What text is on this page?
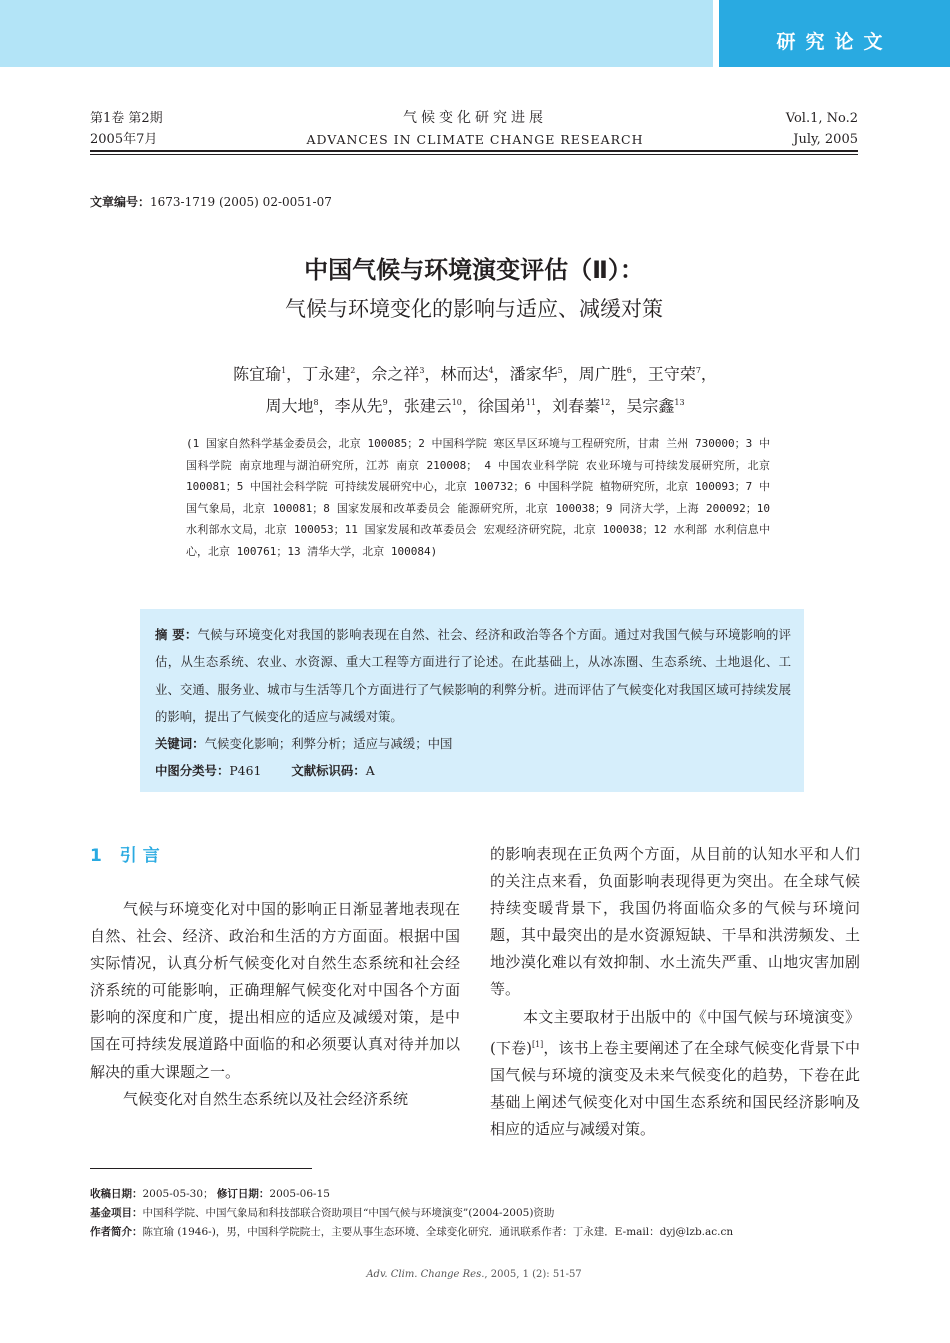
研究论文
第1卷 第2期
2005年7月
气候变化研究进展
ADVANCES IN CLIMATE CHANGE RESEARCH
Vol.1, No.2
July, 2005
文章编号：1673-1719 (2005) 02-0051-07
中国气候与环境演变评估（Ⅱ）：
气候与环境变化的影响与适应、减缓对策
陈宜瑜$^1$，丁永建$^2$，佘之祥$^3$，林而达$^4$，潘家华$^5$，周广胜$^6$，王守荣$^7$，
周大地$^8$，李从先$^9$，张建云$^{10}$，徐国弟$^{11}$，刘春蓁$^{12}$，吴宗鑫$^{13}$
(1 国家自然科学基金委员会，北京 100085；2 中国科学院 寒区旱区环境与工程研究所，甘肃 兰州 730000；3 中国科学院 南京地理与湖泊研究所，江苏 南京 210008； 4 中国农业科学院 农业环境与可持续发展研究所，北京 100081；5 中国社会科学院 可持续发展研究中心，北京 100732；6 中国科学院 植物研究所，北京 100093；7 中国气象局，北京 100081；8 国家发展和改革委员会 能源研究所，北京 100038；9 同济大学，上海 200092；10 水利部水文局，北京 100053；11 国家发展和改革委员会 宏观经济研究院，北京 100038；12 水利部 水利信息中心，北京 100761；13 清华大学，北京 100084)
摘 要：气候与环境变化对我国的影响表现在自然、社会、经济和政治等各个方面。通过对我国气候与环境影响的评估，从生态系统、农业、水资源、重大工程等方面进行了论述。在此基础上，从冰冻圈、生态系统、土地退化、工业、交通、服务业、城市与生活等几个方面进行了气候影响的利弊分析。进而评估了气候变化对我国区域可持续发展的影响，提出了气候变化的适应与减缓对策。
关键词：气候变化影响；利弊分析；适应与减缓；中国
中图分类号：P461 文献标识码：A
1 引言

气候与环境变化对中国的影响正日渐显著地表现在自然、社会、经济、政治和生活的方方面面。根据中国实际情况，认真分析气候变化对自然生态系统和社会经济系统的可能影响，正确理解气候变化对中国各个方面影响的深度和广度，提出相应的适应及减缓对策，是中国在可持续发展道路中面临的和必须要认真对待并加以解决的重大课题之一。

气候变化对自然生态系统以及社会经济系统

的影响表现在正负两个方面，从目前的认知水平和人们的关注点来看，负面影响表现得更为突出。在全球气候持续变暖背景下，我国仍将面临众多的气候与环境问题，其中最突出的是水资源短缺、干旱和洪涝频发、土地沙漠化难以有效抑制、水土流失严重、山地灾害加剧等。

本文主要取材于出版中的《中国气候与环境演变》(下卷)[1]，该书上卷主要阐述了在全球气候变化背景下中国气候与环境的演变及未来气候变化的趋势，下卷在此基础上阐述气候变化对中国生态系统和国民经济影响及相应的适应与减缓对策。

收稿日期：2005-05-30； 修订日期：2005-06-15
基金项目：中国科学院、中国气象局和科技部联合资助项目“中国气候与环境演变”(2004-2005)资助
作者简介：陈宜瑜 (1946-)，男，中国科学院院士，主要从事生态环境、全球变化研究．通讯联系作者：丁永建．E-mail：dyj@lzb.ac.cn
Adv. Clim. Change Res., 2005, 1 (2): 51-57
